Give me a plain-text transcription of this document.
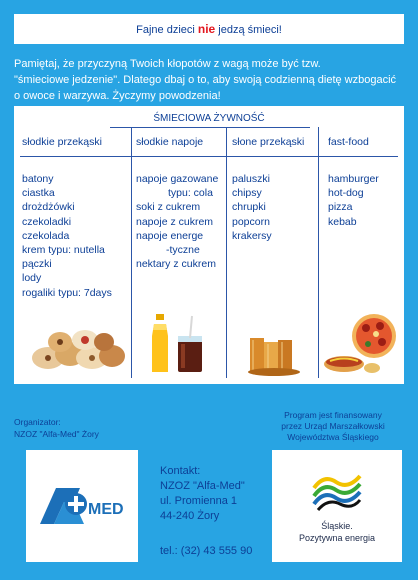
Fajne dzieci nie jedzą śmieci!
Pamiętaj, że przyczyną Twoich kłopotów z wagą może być tzw.
"śmieciowe jedzenie". Dlatego dbaj o to, aby swoją codzienną dietę wzbogacić
o owoce i warzywa. Życzymy powodzenia!
ŚMIECIOWA ŻYWNOŚĆ
słodkie przekąski	słodkie napoje	słone przekąski fast-food
batony
ciastka
drożdżówki
czekoladki
czekolada
krem typu: nutella
pączki
lody
rogaliki typu: 7days
napoje gazowane
typu: cola
soki z cukrem
napoje z cukrem
napoje energe
-tyczne
nektary z cukrem
paluszki
chipsy
chrupki
popcorn
krakersy
hamburger
hot-dog
pizza
kebab
Organizator:
NZOZ "Alfa-Med" Żory
Program jest finansowany
przez Urząd Marszałkowski
Województwa Śląskiego
MED
Kontakt:
NZOZ "Alfa-Med"
ul. Promienna 1
44-240 Żory
tel.: (32) 43 555 90
Śląskie.
Pozytywna energia
